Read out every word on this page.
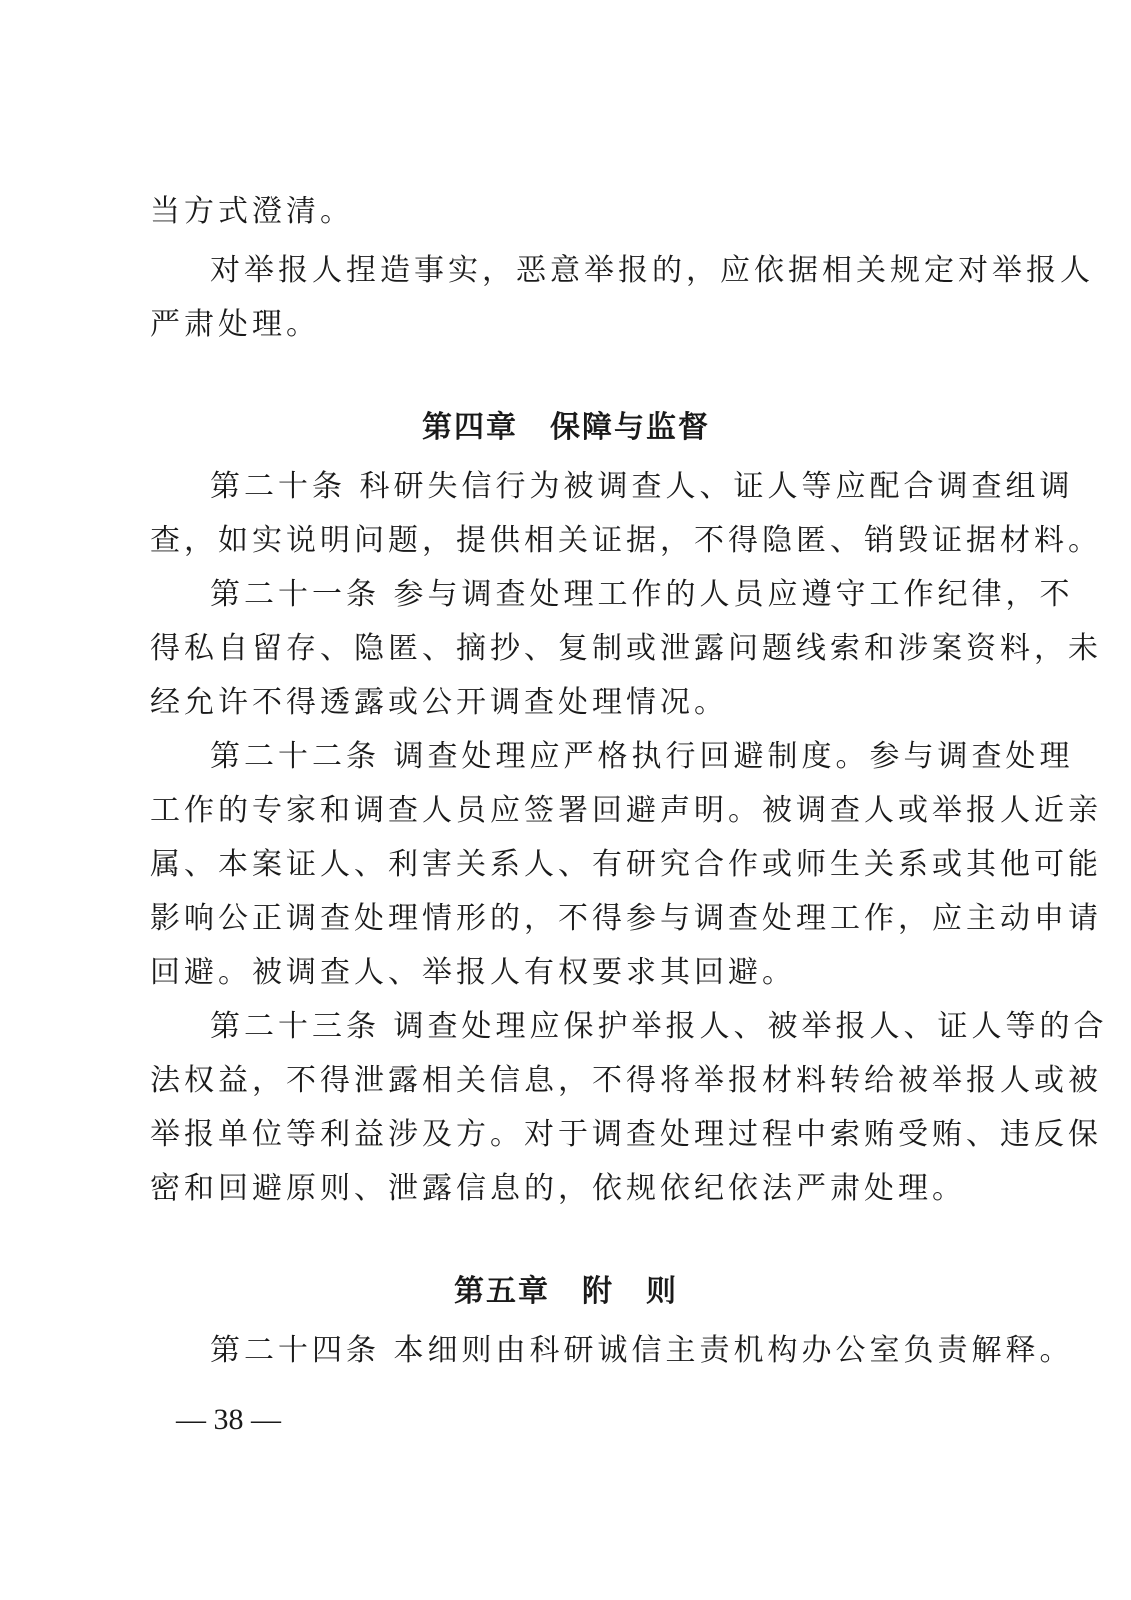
当方式澄清。
对举报人捏造事实，恶意举报的，应依据相关规定对举报人
严肃处理。
第四章　保障与监督
第二十条 科研失信行为被调查人、证人等应配合调查组调
查，如实说明问题，提供相关证据，不得隐匿、销毁证据材料。
第二十一条 参与调查处理工作的人员应遵守工作纪律，不
得私自留存、隐匿、摘抄、复制或泄露问题线索和涉案资料，未
经允许不得透露或公开调查处理情况。
第二十二条 调查处理应严格执行回避制度。参与调查处理
工作的专家和调查人员应签署回避声明。被调查人或举报人近亲
属、本案证人、利害关系人、有研究合作或师生关系或其他可能
影响公正调查处理情形的，不得参与调查处理工作，应主动申请
回避。被调查人、举报人有权要求其回避。
第二十三条 调查处理应保护举报人、被举报人、证人等的合
法权益，不得泄露相关信息，不得将举报材料转给被举报人或被
举报单位等利益涉及方。对于调查处理过程中索贿受贿、违反保
密和回避原则、泄露信息的，依规依纪依法严肃处理。
第五章　附　则
第二十四条 本细则由科研诚信主责机构办公室负责解释。
— 38 —
